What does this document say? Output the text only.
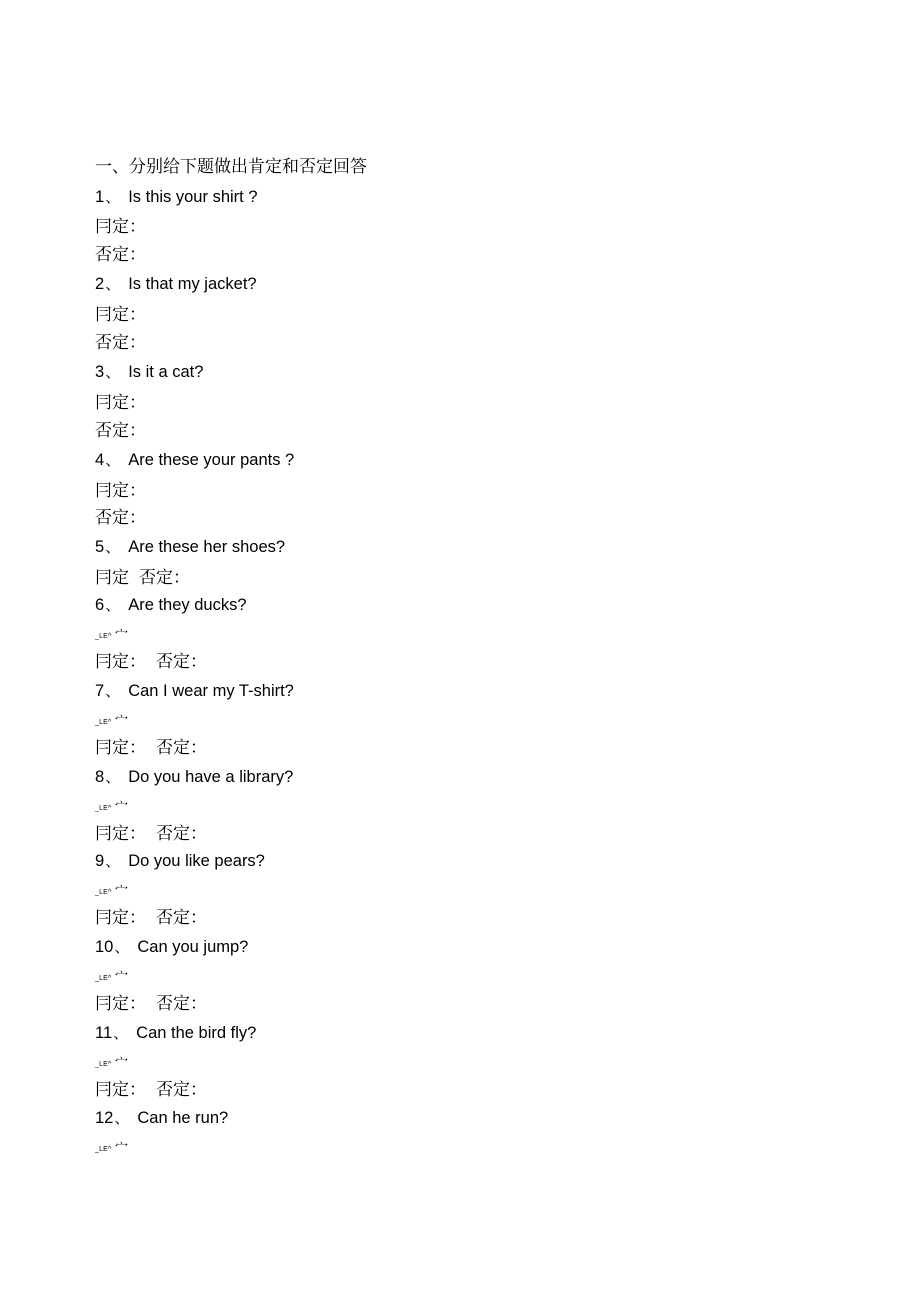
一、分别给下题做出肯定和否定回答
1、 Is this your shirt ?
冃定：
否定：
2、 Is that my jacket?
冃定：
否定：
3、 Is it a cat?
冃定：
否定：
4、 Are these your pants ?
冃定：
否定：
5、 Are these her shoes?
冃定 否定：
6、 Are they ducks?
_LE^ 宀
冃定： 否定：
7、 Can I wear my T-shirt?
_LE^ 宀
冃定： 否定：
8、 Do you have a library?
_LE^ 宀
冃定： 否定：
9、 Do you like pears?
_LE^ 宀
冃定： 否定：
10、 Can you jump?
_LE^ 宀
冃定： 否定：
11、 Can the bird fly?
_LE^ 宀
冃定： 否定：
12、 Can he run?
_LE^ 宀
